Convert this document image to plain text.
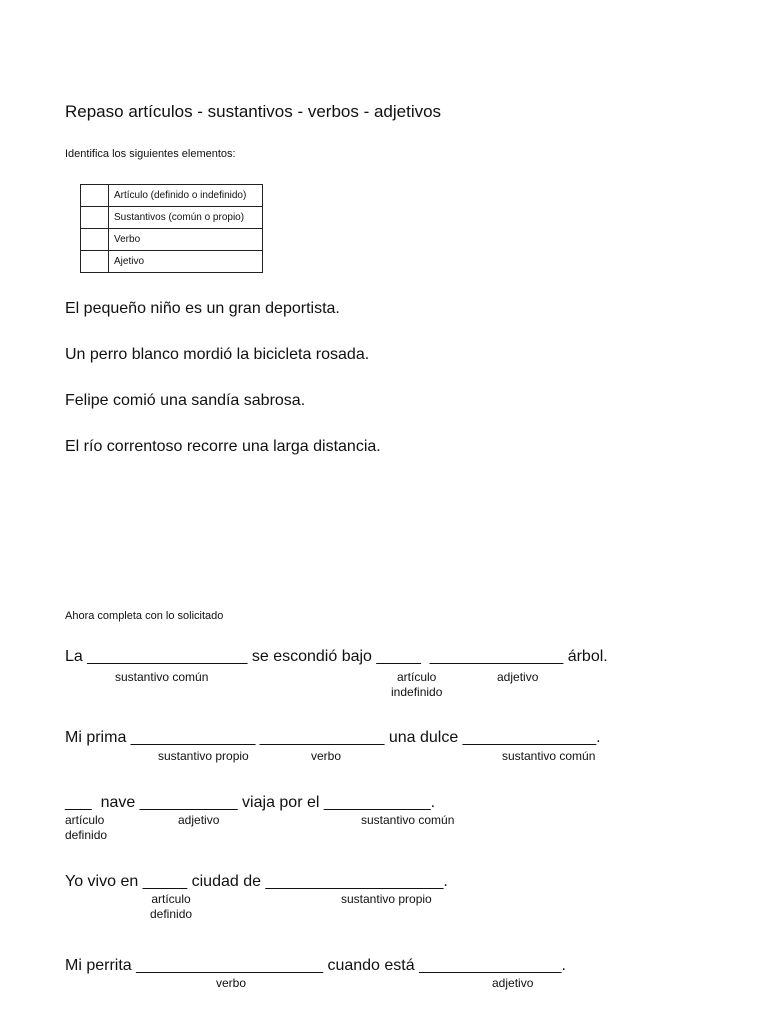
Repaso artículos - sustantivos - verbos - adjetivos
Identifica los siguientes elementos:
	Artículo (definido o indefinido)
	Sustantivos (común o propio)
	Verbo
	Ajetivo
El pequeño niño es un gran deportista.
Un perro blanco mordió la bicicleta rosada.
Felipe comió una sandía sabrosa.
El río correntoso recorre una larga distancia.
Ahora completa con lo solicitado
La __________________ se escondió bajo _____  _______________ árbol.
sustantivo común	artículo
indefinido
adjetivo
Mi prima ______________ ______________ una dulce _______________.
sustantivo propio	verbo	sustantivo común
___  nave ___________ viaja por el ____________.
artículo
definido
adjetivo	sustantivo común
Yo vivo en _____ ciudad de ____________________.
artículo
definido
sustantivo propio
Mi perrita _____________________ cuando está ________________.
verbo	adjetivo
